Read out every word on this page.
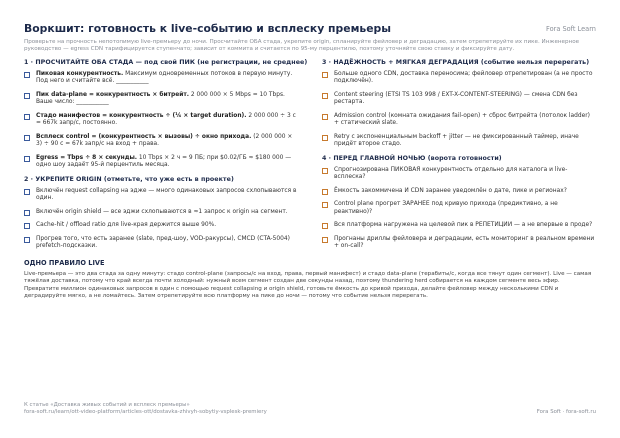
Воркшит: готовность к live-событию и всплеску премьеры	Fora Soft Learn
Проверьте на прочность непотопимую live-премьеру до ночи. Просчитайте ОБА стада, укрепите origin, спланируйте фейловер и деградацию, затем отрепетируйте их пике. Инженерное руководство — egress CDN тарифицируется ступенчато; зависит от коммита и считается по 95-му перцентилю, поэтому уточняйте свою ставку и фиксируйте дату.
1 · ПРОСЧИТАЙТЕ ОБА СТАДА — под свой ПИК (не регистрации, не среднее)
Пиковая конкурентность. Максимум одновременных потоков в первую минуту. Под него и считайте всё. ___________
Пик data-plane = конкурентность × битрейт. 2 000 000 × 5 Mbps = 10 Tbps. Ваше число: ___________
Стадо манифестов = конкурентность ÷ (¼ × target duration). 2 000 000 ÷ 3 с = 667k запр/с, постоянно.
Всплеск control = (конкурентность × вызовы) ÷ окно прихода. (2 000 000 × 3) ÷ 90 с = 67k запр/с на вход + права.
Egress = Tbps ÷ 8 × секунды. 10 Tbps × 2 ч = 9 ПБ; при $0.02/ГБ ≈ $180 000 — одно шоу задаёт 95-й перцентиль месяца.
2 · УКРЕПИТЕ ORIGIN (отметьте, что уже есть в проекте)
Включён request collapsing на эдже — много одинаковых запросов схлопываются в один.
Включён origin shield — все эджи схлопываются в ≈1 запрос к origin на сегмент.
Cache-hit / offload ratio для live-края держится выше 90%.
Прогрев того, что есть заранее (slate, пред-шоу, VOD-ракурсы), CMCD (CTA-5004) prefetch-подсказки.
3 · НАДЁЖНОСТЬ + МЯГКАЯ ДЕГРАДАЦИЯ (событие нельзя перерегать)
Больше одного CDN, доставка переносима; фейловер отрепетирован (а не просто подключён).
Content steering (ETSI TS 103 998 / EXT-X-CONTENT-STEERING) — смена CDN без рестарта.
Admission control (комната ожидания fail-open) + сброс битрейта (потолок ladder) + статический slate.
Retry с экспоненциальным backoff + jitter — не фиксированный таймер, иначе придёт второе стадо.
4 · ПЕРЕД ГЛАВНОЙ НОЧЬЮ (ворота готовности)
Спрогнозирована ПИКОВАЯ конкурентность отдельно для каталога и live-всплеска?
Ёмкость закоммичена И CDN заранее уведомлён о дате, пике и регионах?
Control plane прогрет ЗАРАНЕЕ под кривую прихода (предиктивно, а не реактивно)?
Вся платформа нагружена на целевой пик в РЕПЕТИЦИИ — а не впервые в проде?
Прогнаны дриллы фейловера и деградации, есть мониторинг в реальном времени + on-call?
ОДНО ПРАВИЛО LIVE

Live-премьера — это два стада за одну минуту: стадо control-plane (запросы/с на вход, права, первый манифест) и стадо data-plane (терабиты/с, когда все тянут один сегмент). Live — самая тяжёлая доставка, потому что край всегда почти холодный: нужный всем сегмент создан две секунды назад, поэтому thundering herd собирается на каждом сегменте весь эфир. Превратите миллион одинаковых запросов в один с помощью request collapsing и origin shield, готовьте ёмкость до кривой прихода, делайте фейловер между несколькими CDN и деградируйте мягко, а не ломайтесь. Затем отрепетируйте всю платформу на пике до ночи — потому что событие нельзя перерегать.

К статье «Доставка живых событий и всплеск премьеры»
fora-soft.ru/learn/ott-video-platform/articles-ott/dostavka-zhivyh-sobytiy-vsplesk-premiery	Fora Soft · fora-soft.ru
